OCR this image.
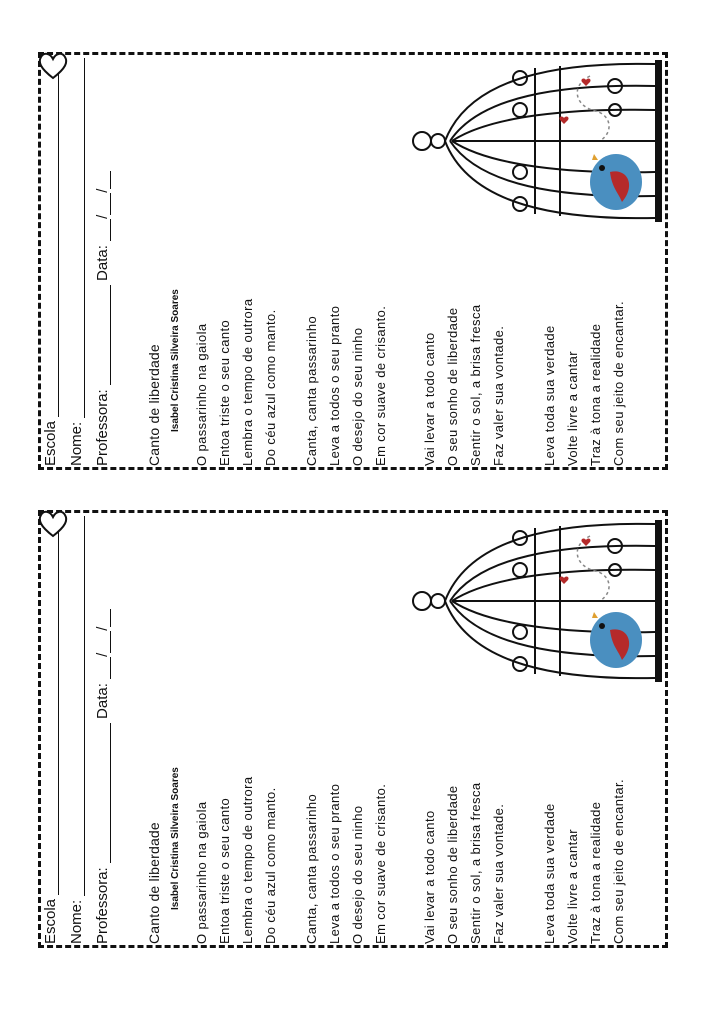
Escola Nome: Professora:  Data: //
Canto de liberdade Isabel Cristina Silveira Soares O passarinho na gaiola Entoa triste o seu canto Lembra o tempo de outrora Do céu azul como manto. Canta, canta passarinho Leva a todos o seu pranto O desejo do seu ninho Em cor suave de crisanto.	Vai levar a todo canto O seu sonho de liberdade Sentir o sol, a brisa fresca Faz valer sua vontade.	Leva toda sua verdade Volte livre a cantar Traz à tona a realidade Com seu jeito de encantar.
Escola Nome: Professora:  Data: //
Canto de liberdade Isabel Cristina Silveira Soares O passarinho na gaiola Entoa triste o seu canto Lembra o tempo de outrora Do céu azul como manto. Canta, canta passarinho Leva a todos o seu pranto O desejo do seu ninho Em cor suave de crisanto.	Vai levar a todo canto O seu sonho de liberdade Sentir o sol, a brisa fresca Faz valer sua vontade.	Leva toda sua verdade Volte livre a cantar Traz à tona a realidade Com seu jeito de encantar.
